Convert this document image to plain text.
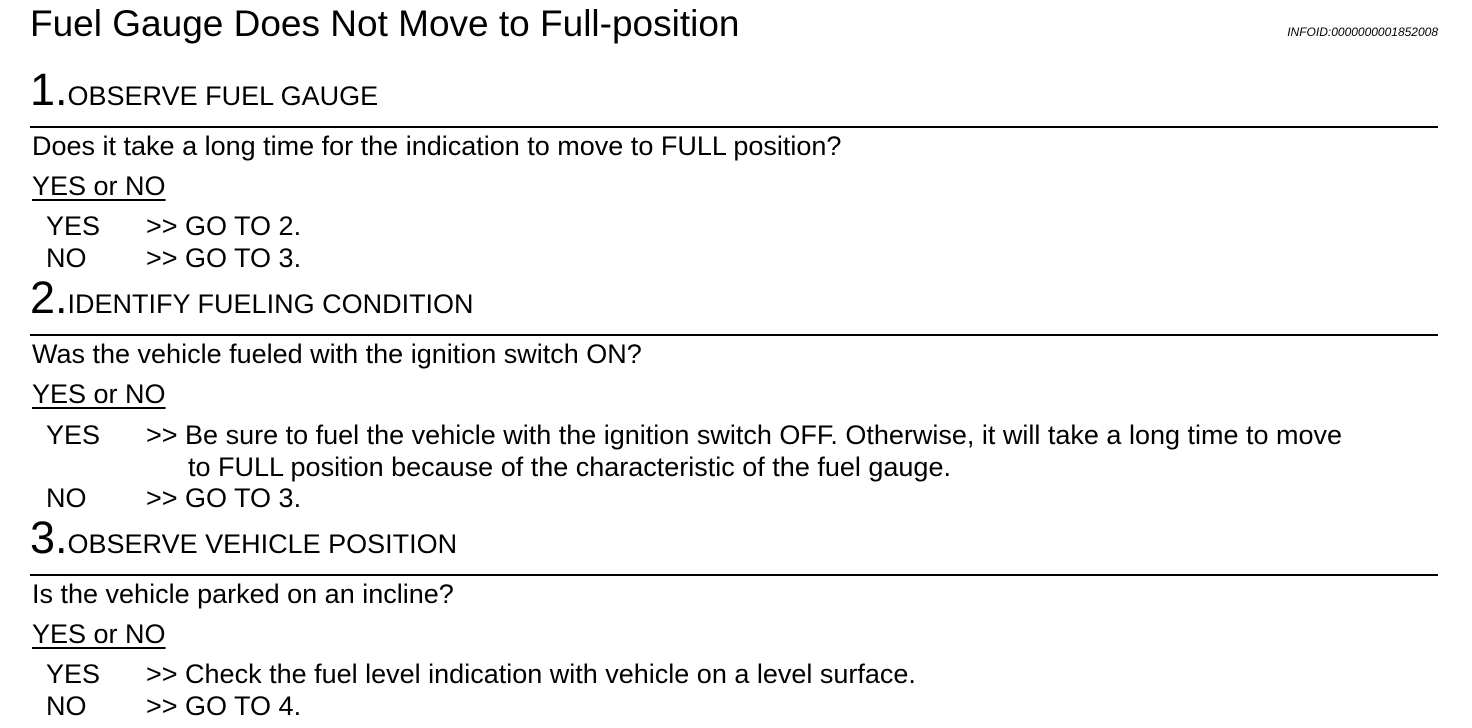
Fuel Gauge Does Not Move to Full-position	INFOID:0000000001852008
1.OBSERVE FUEL GAUGE
Does it take a long time for the indication to move to FULL position?
YES or NO
YES >> GO TO 2.
NO >> GO TO 3.
2.IDENTIFY FUELING CONDITION
Was the vehicle fueled with the ignition switch ON?
YES or NO
YES >> Be sure to fuel the vehicle with the ignition switch OFF. Otherwise, it will take a long time to move
to FULL position because of the characteristic of the fuel gauge.
NO >> GO TO 3.
3.OBSERVE VEHICLE POSITION
Is the vehicle parked on an incline?
YES or NO
YES >> Check the fuel level indication with vehicle on a level surface.
NO >> GO TO 4.
